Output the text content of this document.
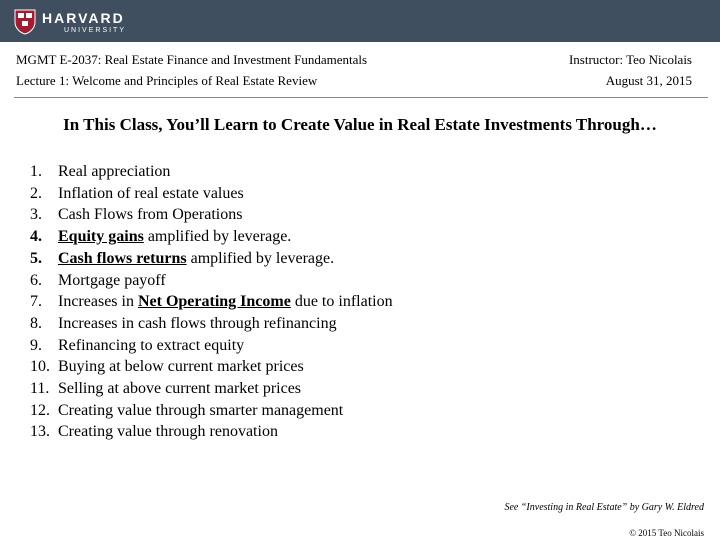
HARVARD
UNIVERSITY
MGMT E-2037: Real Estate Finance and Investment Fundamentals
Lecture 1: Welcome and Principles of Real Estate Review
Instructor: Teo Nicolais
August 31, 2015
In This Class, You’ll Learn to Create Value in Real Estate Investments Through…
1.	Real appreciation
2.	Inflation of real estate values
3.	Cash Flows from Operations
4.	Equity gains amplified by leverage.
5.	Cash flows returns amplified by leverage.
6.	Mortgage payoff
7.	Increases in Net Operating Income due to inflation
8.	Increases in cash flows through refinancing
9.	Refinancing to extract equity
10. Buying at below current market prices
11. Selling at above current market prices
12. Creating value through smarter management
13. Creating value through renovation
See “Investing in Real Estate” by Gary W. Eldred
© 2015 Teo Nicolais
